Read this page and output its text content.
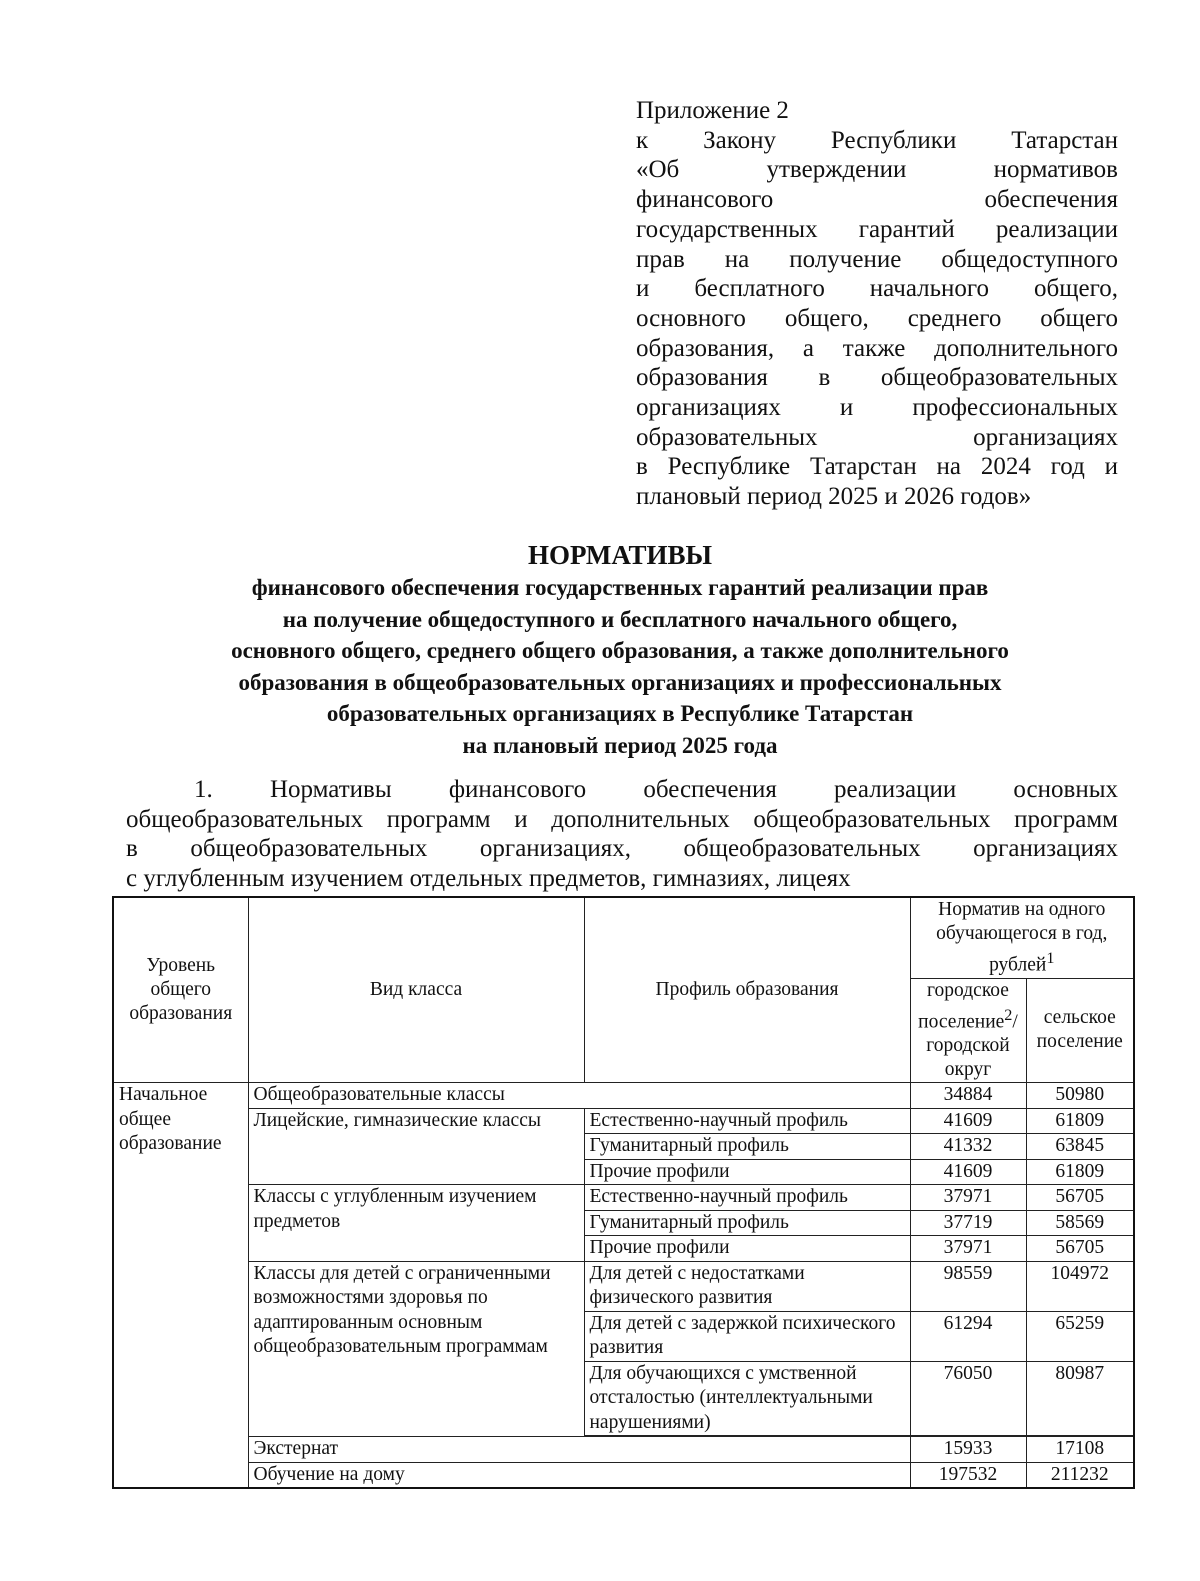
Приложение 2
к Закону Республики Татарстан
«Об утверждении нормативов
финансового обеспечения
государственных гарантий реализации
прав на получение общедоступного
и бесплатного начального общего,
основного общего, среднего общего
образования, а также дополнительного
образования в общеобразовательных
организациях и профессиональных
образовательных организациях
в Республике Татарстан на 2024 год и
плановый период 2025 и 2026 годов»
НОРМАТИВЫ
финансового обеспечения государственных гарантий реализации прав
на получение общедоступного и бесплатного начального общего,
основного общего, среднего общего образования, а также дополнительного
образования в общеобразовательных организациях и профессиональных
образовательных организациях в Республике Татарстан
на плановый период 2025 года
1. Нормативы финансового обеспечения реализации основных
общеобразовательных программ и дополнительных общеобразовательных программ
в общеобразовательных организациях, общеобразовательных организациях
с углубленным изучением отдельных предметов, гимназиях, лицеях
Уровень общего образования	Вид класса	Профиль образования	Норматив на одного обучающегося в год, рублей$^1$
			городское поселение$^2$/ городской округ	сельское поселение
Начальное общее образование	Общеобразовательные классы		34884	50980
	Лицейские, гимназические классы	Естественно-научный профиль	41609	61809
		Гуманитарный профиль	41332	63845
		Прочие профили	41609	61809
	Классы с углубленным изучением предметов	Естественно-научный профиль	37971	56705
		Гуманитарный профиль	37719	58569
		Прочие профили	37971	56705
	Классы для детей с ограниченными возможностями здоровья по адаптированным основным общеобразовательным программам	Для детей с недостатками физического развития	98559	104972
		Для детей с задержкой психического развития	61294	65259
		Для обучающихся с умственной отсталостью (интеллектуальными нарушениями)	76050	80987

	Экстернат		15933	17108
	Обучение на дому		197532	211232
